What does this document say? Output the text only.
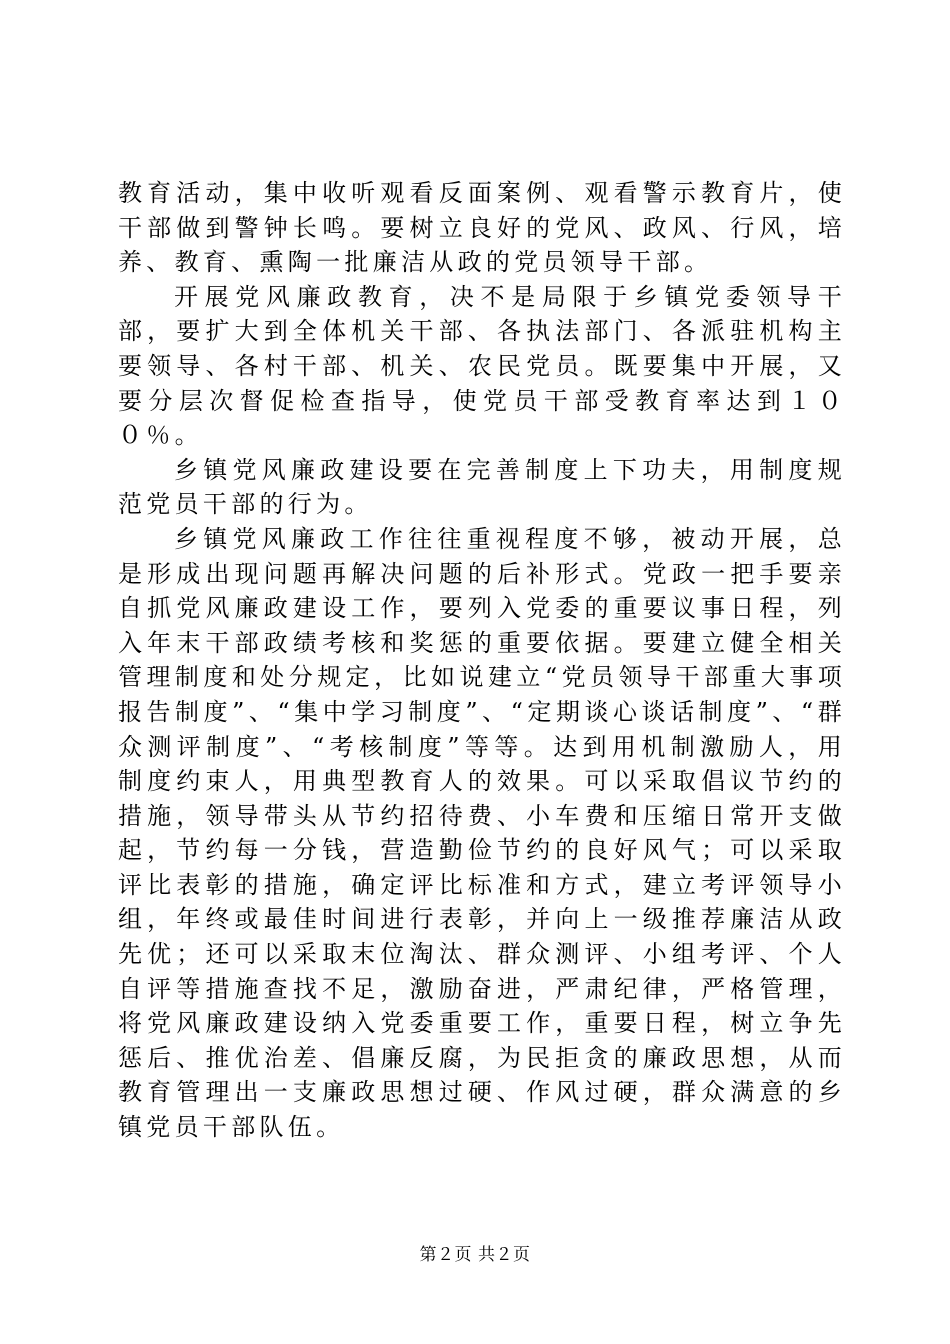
教育活动，集中收听观看反面案例、观看警示教育片，使干部做到警钟长鸣。要树立良好的党风、政风、行风，培养、教育、熏陶一批廉洁从政的党员领导干部。

开展党风廉政教育，决不是局限于乡镇党委领导干部，要扩大到全体机关干部、各执法部门、各派驻机构主要领导、各村干部、机关、农民党员。既要集中开展，又要分层次督促检查指导，使党员干部受教育率达到１００％。

乡镇党风廉政建设要在完善制度上下功夫，用制度规范党员干部的行为。

乡镇党风廉政工作往往重视程度不够，被动开展，总是形成出现问题再解决问题的后补形式。党政一把手要亲自抓党风廉政建设工作，要列入党委的重要议事日程，列入年末干部政绩考核和奖惩的重要依据。要建立健全相关管理制度和处分规定，比如说建立“党员领导干部重大事项报告制度”、“集中学习制度”、“定期谈心谈话制度”、“群众测评制度”、“考核制度”等等。达到用机制激励人，用制度约束人，用典型教育人的效果。可以采取倡议节约的措施，领导带头从节约招待费、小车费和压缩日常开支做起，节约每一分钱，营造勤俭节约的良好风气；可以采取评比表彰的措施，确定评比标准和方式，建立考评领导小组，年终或最佳时间进行表彰，并向上一级推荐廉洁从政先优；还可以采取末位淘汰、群众测评、小组考评、个人自评等措施查找不足，激励奋进，严肃纪律，严格管理，将党风廉政建设纳入党委重要工作，重要日程，树立争先惩后、推优治差、倡廉反腐，为民拒贪的廉政思想，从而教育管理出一支廉政思想过硬、作风过硬，群众满意的乡镇党员干部队伍。

第２页 共２页
